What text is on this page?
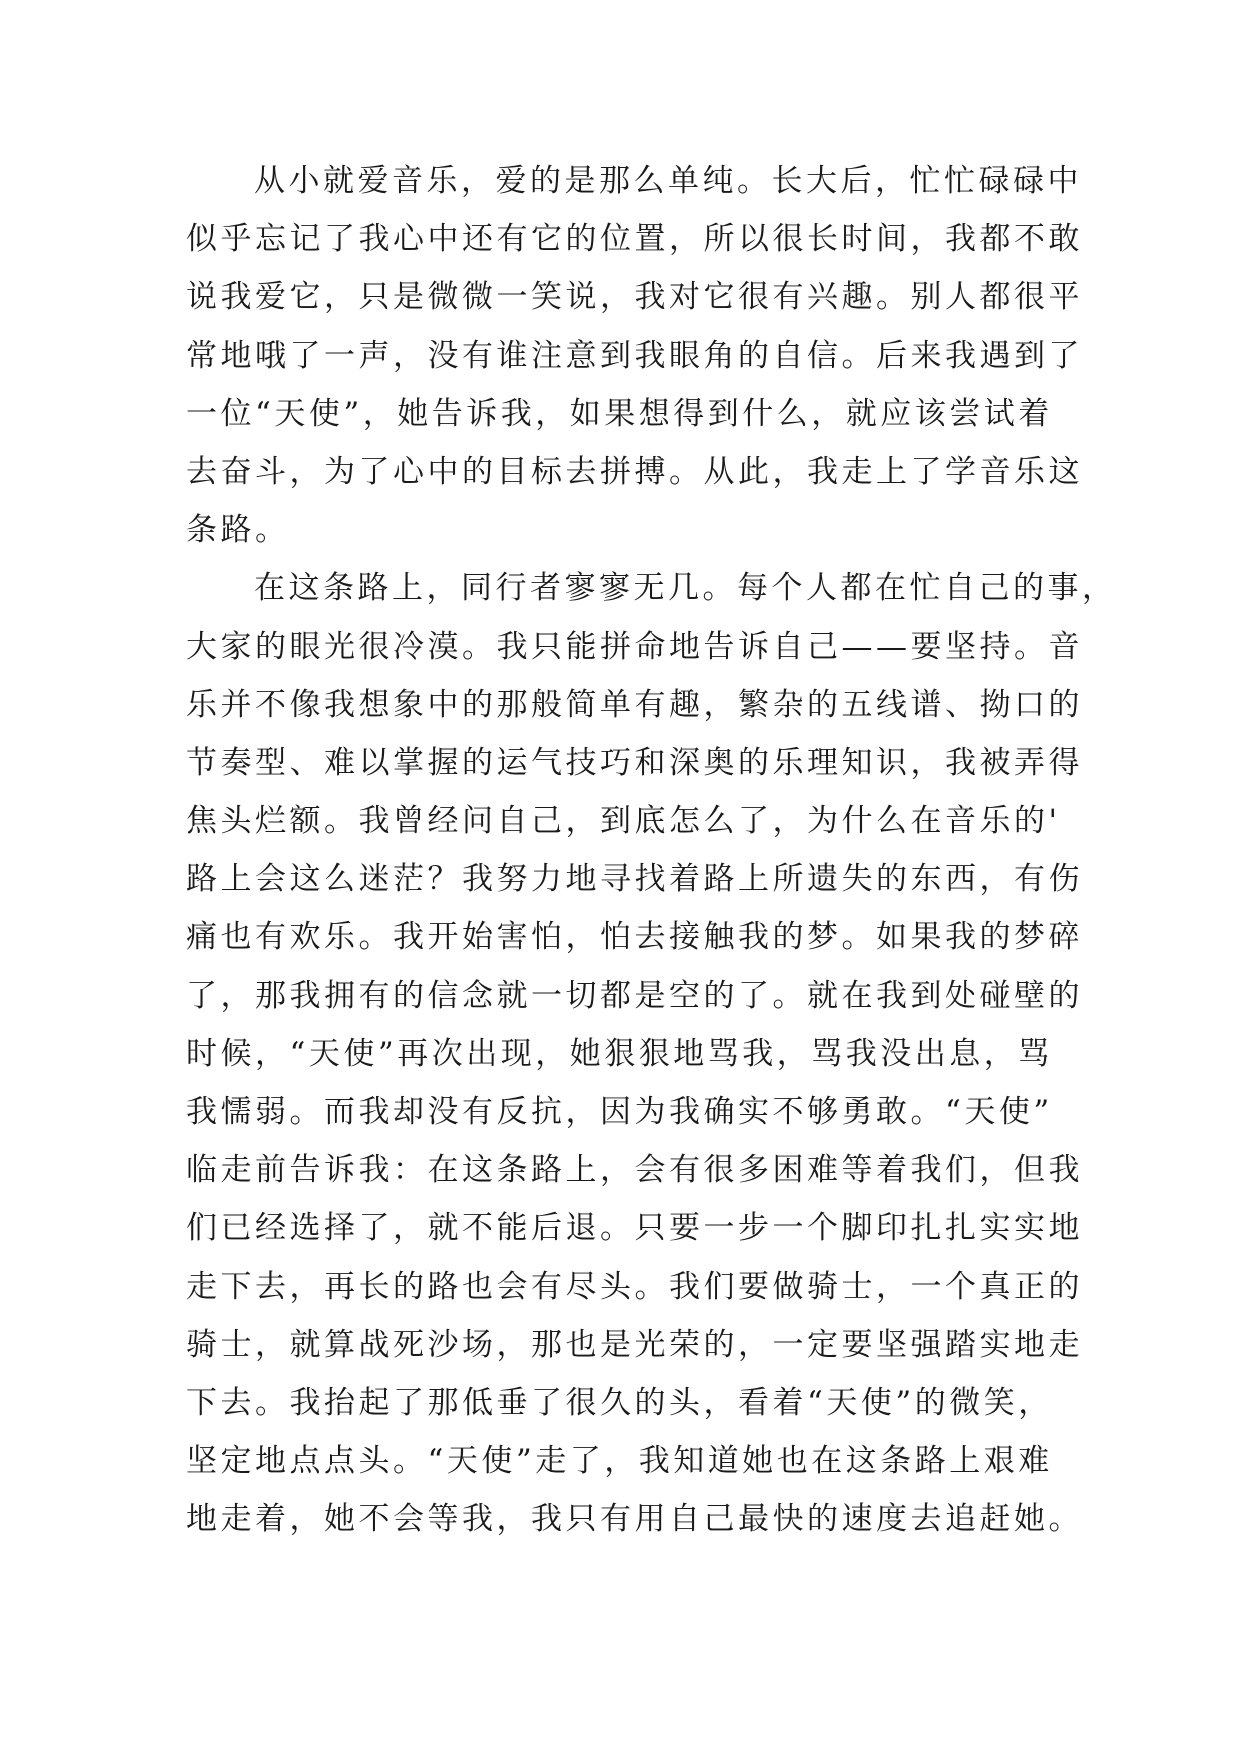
从小就爱音乐，爱的是那么单纯。长大后，忙忙碌碌中
似乎忘记了我心中还有它的位置，所以很长时间，我都不敢
说我爱它，只是微微一笑说，我对它很有兴趣。别人都很平
常地哦了一声，没有谁注意到我眼角的自信。后来我遇到了
一位“天使”，她告诉我，如果想得到什么，就应该尝试着
去奋斗，为了心中的目标去拼搏。从此，我走上了学音乐这
条路。
在这条路上，同行者寥寥无几。每个人都在忙自己的事，
大家的眼光很冷漠。我只能拼命地告诉自己——要坚持。音
乐并不像我想象中的那般简单有趣，繁杂的五线谱、拗口的
节奏型、难以掌握的运气技巧和深奥的乐理知识，我被弄得
焦头烂额。我曾经问自己，到底怎么了，为什么在音乐的'
路上会这么迷茫？我努力地寻找着路上所遗失的东西，有伤
痛也有欢乐。我开始害怕，怕去接触我的梦。如果我的梦碎
了，那我拥有的信念就一切都是空的了。就在我到处碰壁的
时候，“天使”再次出现，她狠狠地骂我，骂我没出息，骂
我懦弱。而我却没有反抗，因为我确实不够勇敢。“天使”
临走前告诉我：在这条路上，会有很多困难等着我们，但我
们已经选择了，就不能后退。只要一步一个脚印扎扎实实地
走下去，再长的路也会有尽头。我们要做骑士，一个真正的
骑士，就算战死沙场，那也是光荣的，一定要坚强踏实地走
下去。我抬起了那低垂了很久的头，看着“天使”的微笑，
坚定地点点头。“天使”走了，我知道她也在这条路上艰难
地走着，她不会等我，我只有用自己最快的速度去追赶她。
